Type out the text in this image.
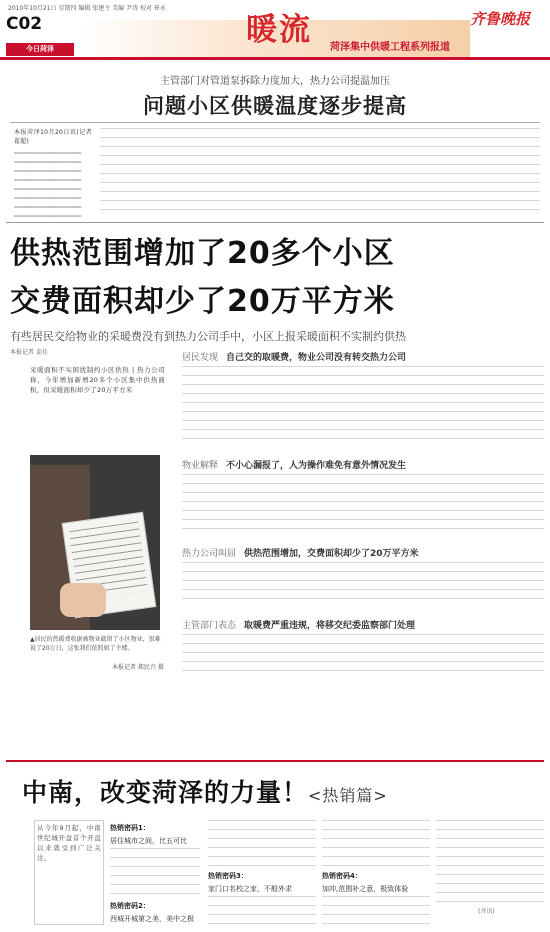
2010年10月21日 星期四 编辑 张建主 美编 尹涛 校对 崔永
C02
今日菏泽
暖流 菏泽集中供暖工程系列报道
齐鲁晚报
主管部门对管道泵拆除力度加大，热力公司提温加压
问题小区供暖温度逐步提高
本报菏泽10月20日讯(记者 翟超)
▁▁▁▁▁▁▁▁▁▁▁▁▁▁
▁▁▁▁▁▁▁▁▁▁▁▁▁▁
▁▁▁▁▁▁▁▁▁▁▁▁▁▁
▁▁▁▁▁▁▁▁▁▁▁▁▁▁
▁▁▁▁▁▁▁▁▁▁▁▁▁▁
▁▁▁▁▁▁▁▁▁▁▁▁▁▁
▁▁▁▁▁▁▁▁▁▁▁▁▁▁
▁▁▁▁▁▁▁▁▁▁▁▁▁▁
供热范围增加了20多个小区
交费面积却少了20万平方米
有些居民交给物业的采暖费没有到热力公司手中，小区上报采暖面积不实制约供热
本报记者 姜佳
采暖面积不实困扰制约小区供热 | 热力公司称，今年增加新增20多个小区集中供热面积，但采暖面积却少了20万平方米
▲居民的热暖费收据被物业截留了小区物业，很难说了20万日，这张我们依照如了主楼。
本报记者 郑民兴 摄
居民发现 自己交的取暖费，物业公司没有转交热力公司
物业解释 不小心漏报了，人为操作难免有意外情况发生
热力公司叫屈 供热范围增加，交费面积却少了20万平方米
主管部门表态 取暖费严重违规，将移交纪委监察部门处理
中南，改变菏泽的力量！<热销篇>
从今年9月起，中南世纪城开盘首个开盘以来就受到广泛关注。
热销密码1：
居住城市之间，比五可比
热销密码2：
西城开城第之美，美中之极
热销密码3：
家门口名校之家，不般外求
热销密码4：
加冲,范围补之意，极致体验
(齐讯)
